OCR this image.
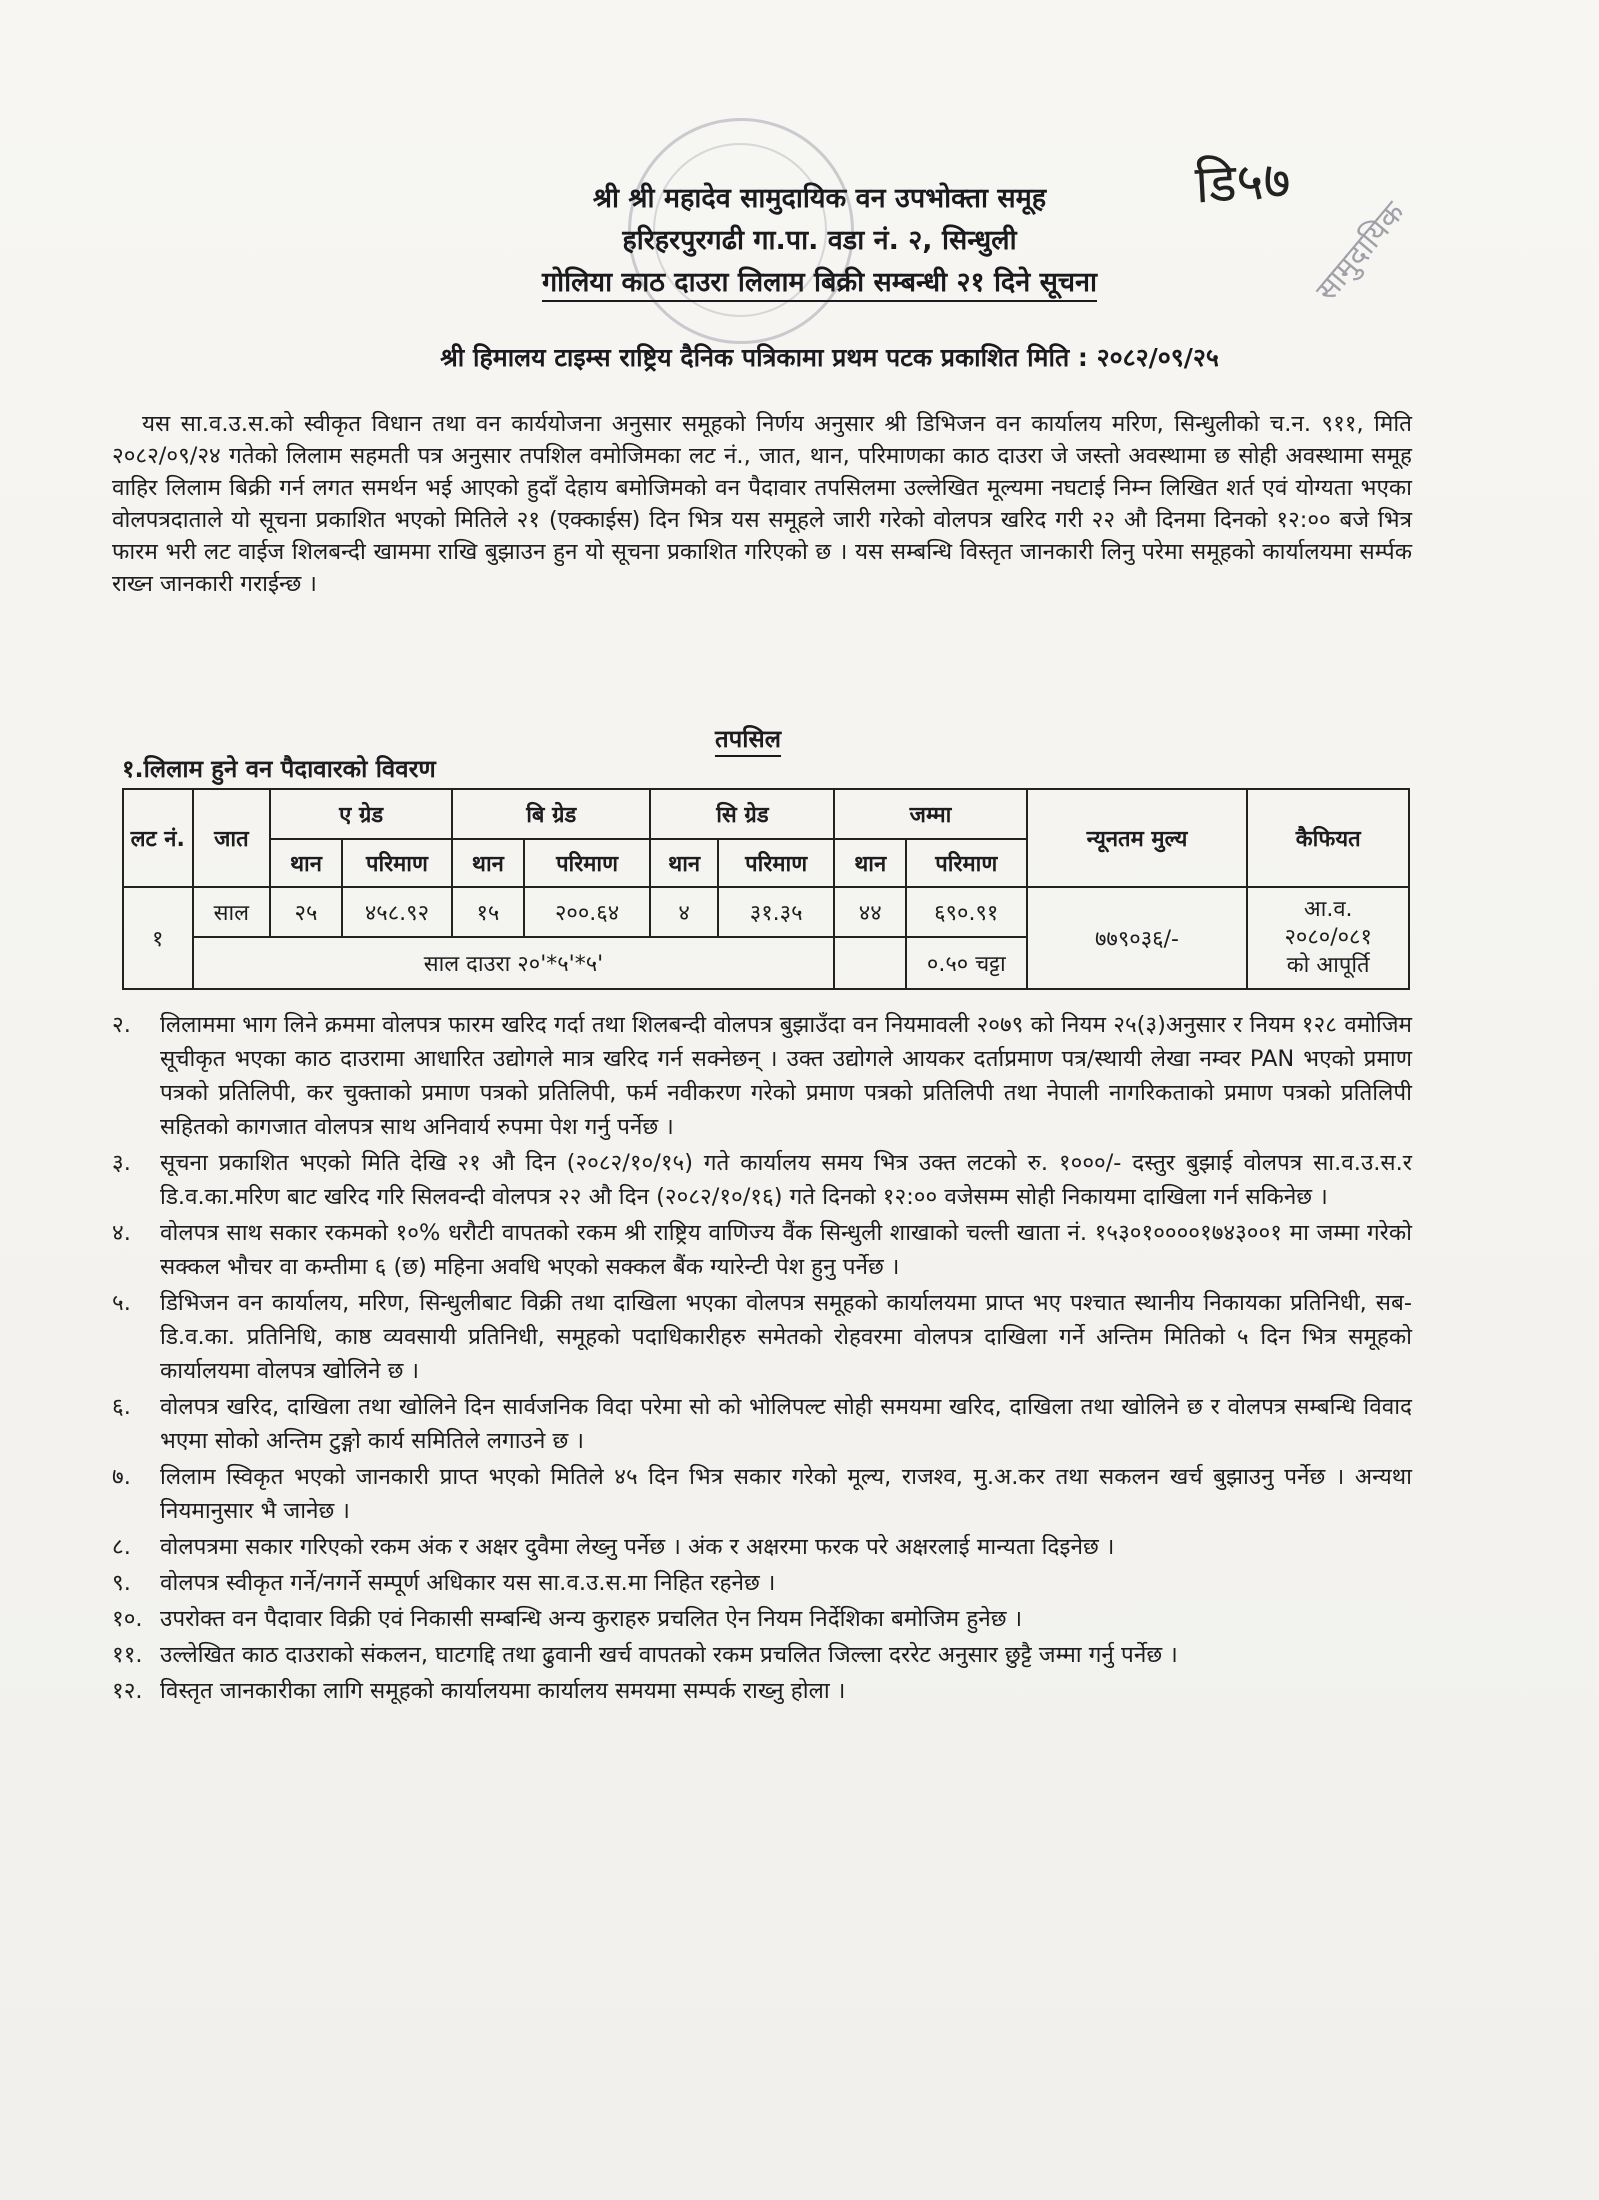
डि५७
सामुदायिक
श्री श्री महादेव सामुदायिक वन उपभोक्ता समूह
हरिहरपुरगढी गा.पा. वडा नं. २, सिन्धुली
गोलिया काठ दाउरा लिलाम बिक्री सम्बन्धी २१ दिने सूचना
श्री हिमालय टाइम्स राष्ट्रिय दैनिक पत्रिकामा प्रथम पटक प्रकाशित मिति : २०८२/०९/२५
यस सा.व.उ.स.को स्वीकृत विधान तथा वन कार्ययोजना अनुसार समूहको निर्णय अनुसार श्री डिभिजन वन कार्यालय मरिण, सिन्धुलीको च.न. ९११, मिति २०८२/०९/२४ गतेको लिलाम सहमती पत्र अनुसार तपशिल वमोजिमका लट नं., जात, थान, परिमाणका काठ दाउरा जे जस्तो अवस्थामा छ सोही अवस्थामा समूह वाहिर लिलाम बिक्री गर्न लगत समर्थन भई आएको हुदाँ देहाय बमोजिमको वन पैदावार तपसिलमा उल्लेखित मूल्यमा नघटाई निम्न लिखित शर्त एवं योग्यता भएका वोलपत्रदाताले यो सूचना प्रकाशित भएको मितिले २१ (एक्काईस) दिन भित्र यस समूहले जारी गरेको वोलपत्र खरिद गरी २२ औ दिनमा दिनको १२:०० बजे भित्र फारम भरी लट वाईज शिलबन्दी खाममा राखि बुझाउन हुन यो सूचना प्रकाशित गरिएको छ । यस सम्बन्धि विस्तृत जानकारी लिनु परेमा समूहको कार्यालयमा सर्म्पक राख्न जानकारी गराईन्छ ।
तपसिल
१.लिलाम हुने वन पैदावारको विवरण
लट नं.	जात	ए ग्रेड		बि ग्रेड		सि ग्रेड		जम्मा		न्यूनतम मुल्य	कैफियत
		थान	परिमाण	थान	परिमाण	थान	परिमाण	थान	परिमाण		
१	साल	२५	४५८.९२	१५	२००.६४	४	३१.३५	४४	६९०.९१	७७९०३६/-	आ.व.
२०८०/०८१
को आपूर्ति

	साल दाउरा २०'*५'*५'								०.५० चट्टा		
२.	लिलाममा भाग लिने क्रममा वोलपत्र फारम खरिद गर्दा तथा शिलबन्दी वोलपत्र बुझाउँदा वन नियमावली २०७९ को नियम २५(३)अनुसार र नियम १२८ वमोजिम सूचीकृत भएका काठ दाउरामा आधारित उद्योगले मात्र खरिद गर्न सक्नेछन् । उक्त उद्योगले आयकर दर्ताप्रमाण पत्र/स्थायी लेखा नम्वर PAN भएको प्रमाण पत्रको प्रतिलिपी, कर चुक्ताको प्रमाण पत्रको प्रतिलिपी, फर्म नवीकरण गरेको प्रमाण पत्रको प्रतिलिपी तथा नेपाली नागरिकताको प्रमाण पत्रको प्रतिलिपी सहितको कागजात वोलपत्र साथ अनिवार्य रुपमा पेश गर्नु पर्नेछ ।
३.	सूचना प्रकाशित भएको मिति देखि २१ औ दिन (२०८२/१०/१५) गते कार्यालय समय भित्र उक्त लटको रु. १०००/- दस्तुर बुझाई वोलपत्र सा.व.उ.स.र डि.व.का.मरिण बाट खरिद गरि सिलवन्दी वोलपत्र २२ औ दिन (२०८२/१०/१६) गते दिनको १२:०० वजेसम्म सोही निकायमा दाखिला गर्न सकिनेछ ।
४.	वोलपत्र साथ सकार रकमको १०% धरौटी वापतको रकम श्री राष्ट्रिय वाणिज्य वैंक सिन्धुली शाखाको चल्ती खाता नं. १५३०१००००१७४३००१ मा जम्मा गरेको सक्कल भौचर वा कम्तीमा ६ (छ) महिना अवधि भएको सक्कल बैंक ग्यारेन्टी पेश हुनु पर्नेछ ।
५.	डिभिजन वन कार्यालय, मरिण, सिन्धुलीबाट विक्री तथा दाखिला भएका वोलपत्र समूहको कार्यालयमा प्राप्त भए पश्चात स्थानीय निकायका प्रतिनिधी, सब-डि.व.का. प्रतिनिधि, काष्ठ व्यवसायी प्रतिनिधी, समूहको पदाधिकारीहरु समेतको रोहवरमा वोलपत्र दाखिला गर्ने अन्तिम मितिको ५ दिन भित्र समूहको कार्यालयमा वोलपत्र खोलिने छ ।
६.	वोलपत्र खरिद, दाखिला तथा खोलिने दिन सार्वजनिक विदा परेमा सो को भोलिपल्ट सोही समयमा खरिद, दाखिला तथा खोलिने छ र वोलपत्र सम्बन्धि विवाद भएमा सोको अन्तिम टुङ्गो कार्य समितिले लगाउने छ ।
७.	लिलाम स्विकृत भएको जानकारी प्राप्त भएको मितिले ४५ दिन भित्र सकार गरेको मूल्य, राजश्व, मु.अ.कर तथा सकलन खर्च बुझाउनु पर्नेछ । अन्यथा नियमानुसार भै जानेछ ।
८.	वोलपत्रमा सकार गरिएको रकम अंक र अक्षर दुवैमा लेख्नु पर्नेछ । अंक र अक्षरमा फरक परे अक्षरलाई मान्यता दिइनेछ ।
९.	वोलपत्र स्वीकृत गर्ने/नगर्ने सम्पूर्ण अधिकार यस सा.व.उ.स.मा निहित रहनेछ ।
१०. उपरोक्त वन पैदावार विक्री एवं निकासी सम्बन्धि अन्य कुराहरु प्रचलित ऐन नियम निर्देशिका बमोजिम हुनेछ ।
११. उल्लेखित काठ दाउराको संकलन, घाटगद्दि तथा ढुवानी खर्च वापतको रकम प्रचलित जिल्ला दररेट अनुसार छुट्टै जम्मा गर्नु पर्नेछ ।
१२. विस्तृत जानकारीका लागि समूहको कार्यालयमा कार्यालय समयमा सम्पर्क राख्नु होला ।
